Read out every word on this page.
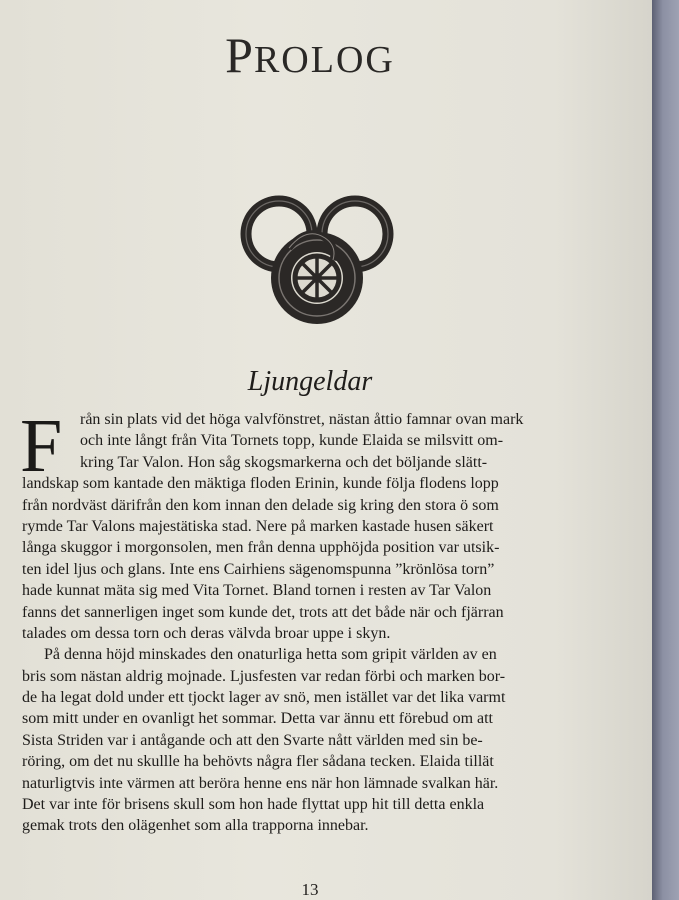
PROLOG
Ljungeldar
F	rån sin plats vid det höga valvfönstret, nästan åttio famnar ovan mark
och inte långt från Vita Tornets topp, kunde Elaida se milsvitt om-
kring Tar Valon. Hon såg skogsmarkerna och det böljande slätt-
landskap som kantade den mäktiga floden Erinin, kunde följa flodens lopp
från nordväst därifrån den kom innan den delade sig kring den stora ö som
rymde Tar Valons majestätiska stad. Nere på marken kastade husen säkert
långa skuggor i morgonsolen, men från denna upphöjda position var utsik-
ten idel ljus och glans. Inte ens Cairhiens sägenomspunna ”krönlösa torn”
hade kunnat mäta sig med Vita Tornet. Bland tornen i resten av Tar Valon
fanns det sannerligen inget som kunde det, trots att det både när och fjärran
talades om dessa torn och deras välvda broar uppe i skyn.
På denna höjd minskades den onaturliga hetta som gripit världen av en
bris som nästan aldrig mojnade. Ljusfesten var redan förbi och marken bor-
de ha legat dold under ett tjockt lager av snö, men istället var det lika varmt
som mitt under en ovanligt het sommar. Detta var ännu ett förebud om att
Sista Striden var i antågande och att den Svarte nått världen med sin be-
röring, om det nu skullle ha behövts några fler sådana tecken. Elaida tillät
naturligtvis inte värmen att beröra henne ens när hon lämnade svalkan här.
Det var inte för brisens skull som hon hade flyttat upp hit till detta enkla
gemak trots den olägenhet som alla trapporna innebar.
13
